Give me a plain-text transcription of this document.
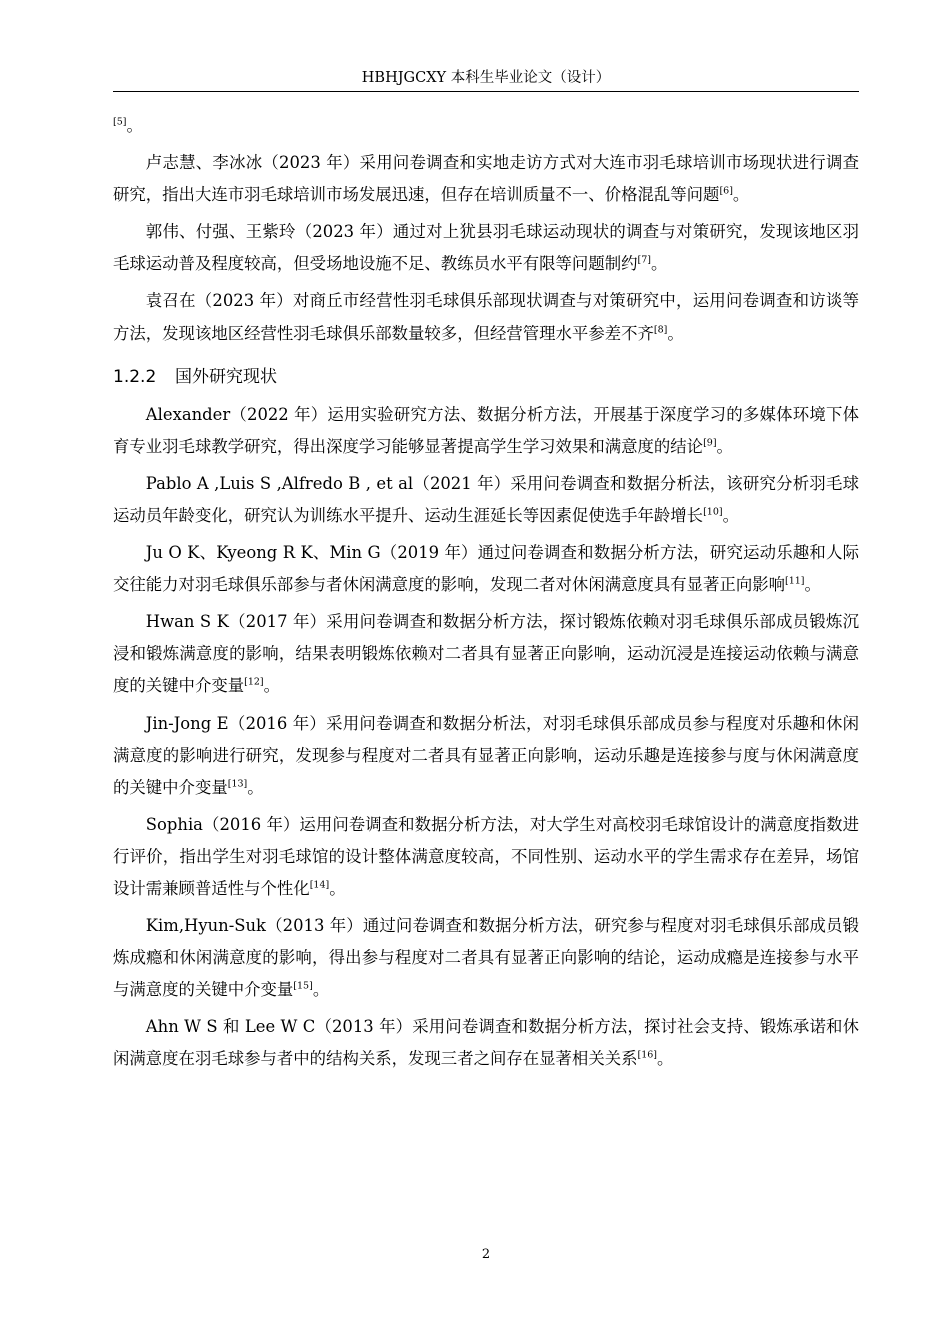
HBHJGCXY 本科生毕业论文（设计）

[5]。

卢志慧、李冰冰（2023 年）采用问卷调查和实地走访方式对大连市羽毛球培训市场现状进行调查研究，指出大连市羽毛球培训市场发展迅速，但存在培训质量不一、价格混乱等问题[6]。

郭伟、付强、王紫玲（2023 年）通过对上犹县羽毛球运动现状的调查与对策研究，发现该地区羽毛球运动普及程度较高，但受场地设施不足、教练员水平有限等问题制约[7]。

袁召在（2023 年）对商丘市经营性羽毛球俱乐部现状调查与对策研究中，运用问卷调查和访谈等方法，发现该地区经营性羽毛球俱乐部数量较多，但经营管理水平参差不齐[8]。

1.2.2 国外研究现状

Alexander（2022 年）运用实验研究方法、数据分析方法，开展基于深度学习的多媒体环境下体育专业羽毛球教学研究，得出深度学习能够显著提高学生学习效果和满意度的结论[9]。

Pablo A ,Luis S ,Alfredo B , et al（2021 年）采用问卷调查和数据分析法，该研究分析羽毛球运动员年龄变化，研究认为训练水平提升、运动生涯延长等因素促使选手年龄增长[10]。

Ju O K、Kyeong R K、Min G（2019 年）通过问卷调查和数据分析方法，研究运动乐趣和人际交往能力对羽毛球俱乐部参与者休闲满意度的影响，发现二者对休闲满意度具有显著正向影响[11]。

Hwan S K（2017 年）采用问卷调查和数据分析方法，探讨锻炼依赖对羽毛球俱乐部成员锻炼沉浸和锻炼满意度的影响，结果表明锻炼依赖对二者具有显著正向影响，运动沉浸是连接运动依赖与满意度的关键中介变量[12]。

Jin-Jong E（2016 年）采用问卷调查和数据分析法，对羽毛球俱乐部成员参与程度对乐趣和休闲满意度的影响进行研究，发现参与程度对二者具有显著正向影响，运动乐趣是连接参与度与休闲满意度的关键中介变量[13]。

Sophia（2016 年）运用问卷调查和数据分析方法，对大学生对高校羽毛球馆设计的满意度指数进行评价，指出学生对羽毛球馆的设计整体满意度较高，不同性别、运动水平的学生需求存在差异，场馆设计需兼顾普适性与个性化[14]。

Kim,Hyun-Suk（2013 年）通过问卷调查和数据分析方法，研究参与程度对羽毛球俱乐部成员锻炼成瘾和休闲满意度的影响，得出参与程度对二者具有显著正向影响的结论，运动成瘾是连接参与水平与满意度的关键中介变量[15]。

Ahn W S 和 Lee W C（2013 年）采用问卷调查和数据分析方法，探讨社会支持、锻炼承诺和休闲满意度在羽毛球参与者中的结构关系，发现三者之间存在显著相关关系[16]。

2
